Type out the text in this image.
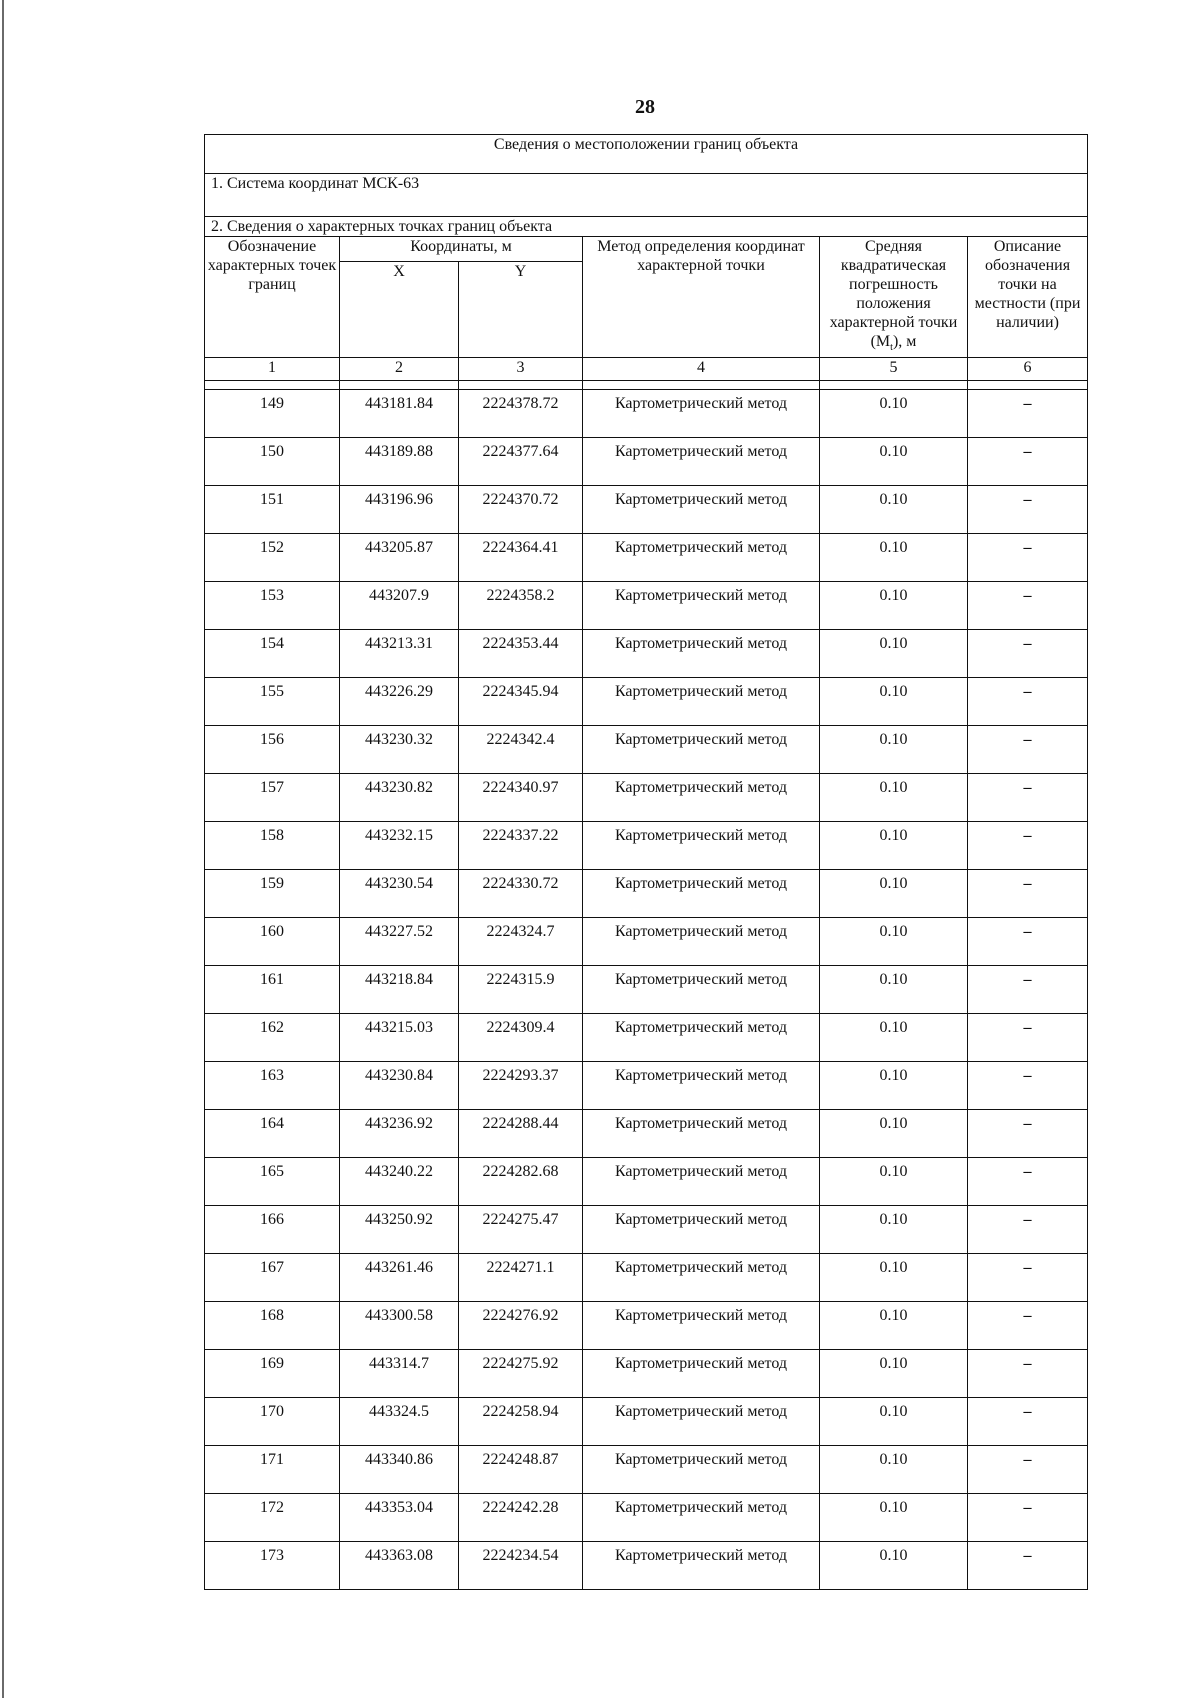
28
Сведения о местоположении границ объекта					
1. Система координат МСК-63					
2. Сведения о характерных точках границ объекта					
Обозначение характерных точек границ	Координаты, м		Метод определения координат характерной точки	Средняя квадратическая погрешность положения характерной точки $(M_t)$, м	Описание обозначения точки на местности (при наличии)
	X	Y			
1	2	3	4	5	6

149	443181.84	2224378.72	Картометрический метод	0.10	–
150	443189.88	2224377.64	Картометрический метод	0.10	–
151	443196.96	2224370.72	Картометрический метод	0.10	–
152	443205.87	2224364.41	Картометрический метод	0.10	–
153	443207.9	2224358.2	Картометрический метод	0.10	–
154	443213.31	2224353.44	Картометрический метод	0.10	–
155	443226.29	2224345.94	Картометрический метод	0.10	–
156	443230.32	2224342.4	Картометрический метод	0.10	–
157	443230.82	2224340.97	Картометрический метод	0.10	–
158	443232.15	2224337.22	Картометрический метод	0.10	–
159	443230.54	2224330.72	Картометрический метод	0.10	–
160	443227.52	2224324.7	Картометрический метод	0.10	–
161	443218.84	2224315.9	Картометрический метод	0.10	–
162	443215.03	2224309.4	Картометрический метод	0.10	–
163	443230.84	2224293.37	Картометрический метод	0.10	–
164	443236.92	2224288.44	Картометрический метод	0.10	–
165	443240.22	2224282.68	Картометрический метод	0.10	–
166	443250.92	2224275.47	Картометрический метод	0.10	–
167	443261.46	2224271.1	Картометрический метод	0.10	–
168	443300.58	2224276.92	Картометрический метод	0.10	–
169	443314.7	2224275.92	Картометрический метод	0.10	–
170	443324.5	2224258.94	Картометрический метод	0.10	–
171	443340.86	2224248.87	Картометрический метод	0.10	–
172	443353.04	2224242.28	Картометрический метод	0.10	–
173	443363.08	2224234.54	Картометрический метод	0.10	–
